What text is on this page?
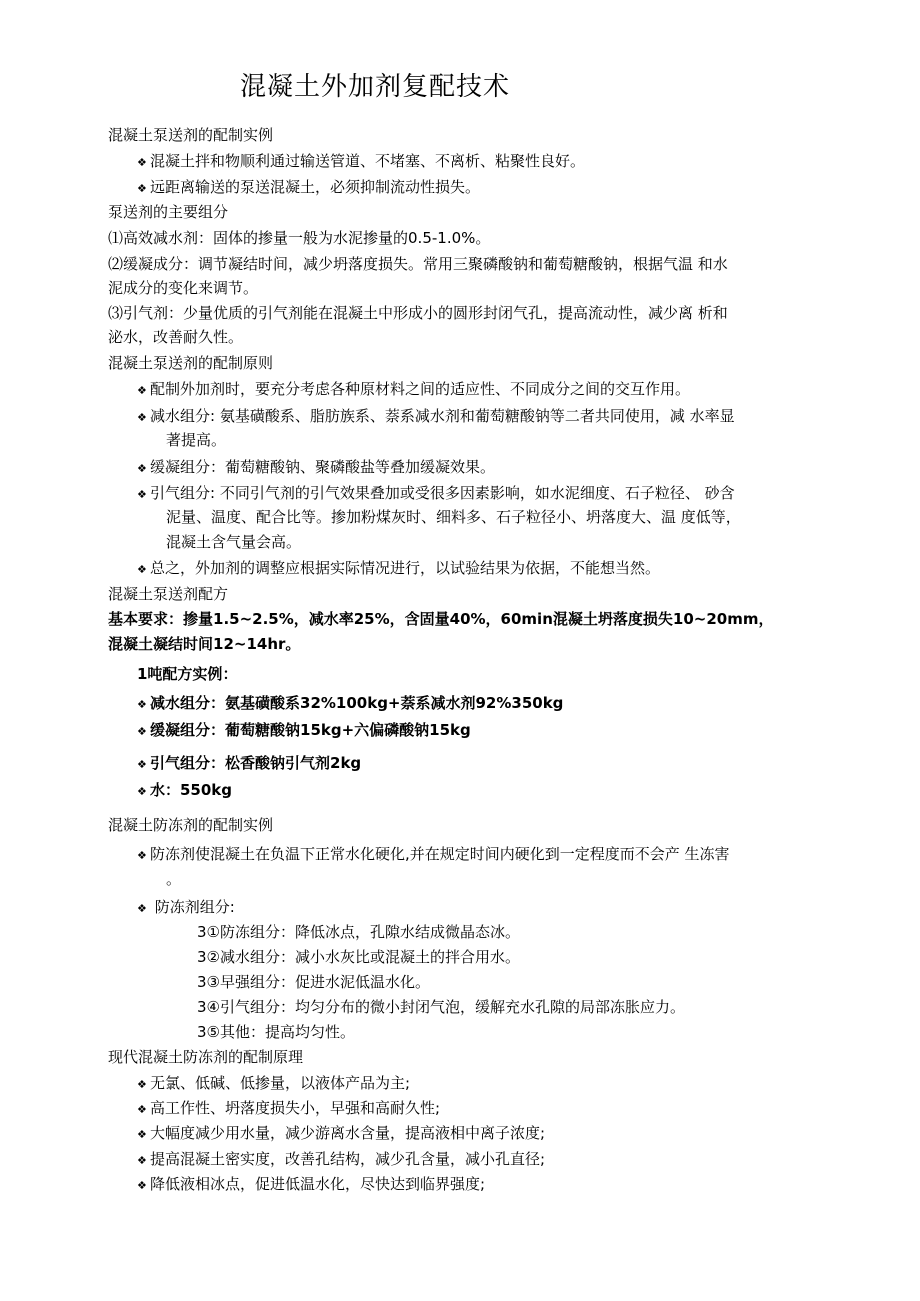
混凝土外加剂复配技术
混凝土泵送剂的配制实例
❖ 混凝土拌和物顺利通过输送管道、不堵塞、不离析、粘聚性良好。
❖ 远距离输送的泵送混凝土，必须抑制流动性损失。
泵送剂的主要组分
⑴高效减水剂：固体的掺量一般为水泥掺量的0.5-1.0%。
⑵缓凝成分：调节凝结时间，减少坍落度损失。常用三聚磷酸钠和葡萄糖酸钠，根据气温 和水
泥成分的变化来调节。
⑶引气剂：少量优质的引气剂能在混凝土中形成小的圆形封闭气孔，提高流动性，减少离 析和
泌水，改善耐久性。
混凝土泵送剂的配制原则
❖ 配制外加剂时，要充分考虑各种原材料之间的适应性、不同成分之间的交互作用。
❖ 减水组分: 氨基磺酸系、脂肪族系、萘系减水剂和葡萄糖酸钠等二者共同使用，减 水率显
著提高。
❖ 缓凝组分：葡萄糖酸钠、聚磷酸盐等叠加缓凝效果。
❖ 引气组分: 不同引气剂的引气效果叠加或受很多因素影响，如水泥细度、石子粒径、 砂含
泥量、温度、配合比等。掺加粉煤灰时、细料多、石子粒径小、坍落度大、温 度低等，
混凝土含气量会高。
❖ 总之，外加剂的调整应根据实际情况进行，以试验结果为依据，不能想当然。
混凝土泵送剂配方
基本要求：掺量1.5~2.5%，减水率25%，含固量40%，60min混凝土坍落度损失10~20mm，
混凝土凝结时间12~14hr。
1吨配方实例：
❖ 减水组分：氨基磺酸系32%100kg+萘系减水剂92%350kg
❖ 缓凝组分：葡萄糖酸钠15kg+六偏磷酸钠15kg
❖ 引气组分：松香酸钠引气剂2kg
❖ 水：550kg
混凝土防冻剂的配制实例
❖ 防冻剂使混凝土在负温下正常水化硬化,并在规定时间内硬化到一定程度而不会产 生冻害
。
❖ 防冻剂组分:
3①防冻组分：降低冰点，孔隙水结成微晶态冰。
3②减水组分：减小水灰比或混凝土的拌合用水。
3③早强组分：促进水泥低温水化。
3④引气组分：均匀分布的微小封闭气泡，缓解充水孔隙的局部冻胀应力。
3⑤其他：提高均匀性。
现代混凝土防冻剂的配制原理
❖ 无氯、低碱、低掺量，以液体产品为主;
❖ 高工作性、坍落度损失小，早强和高耐久性;
❖ 大幅度减少用水量，减少游离水含量，提高液相中离子浓度;
❖ 提高混凝土密实度，改善孔结构，减少孔含量，减小孔直径;
❖ 降低液相冰点，促进低温水化，尽快达到临界强度;
